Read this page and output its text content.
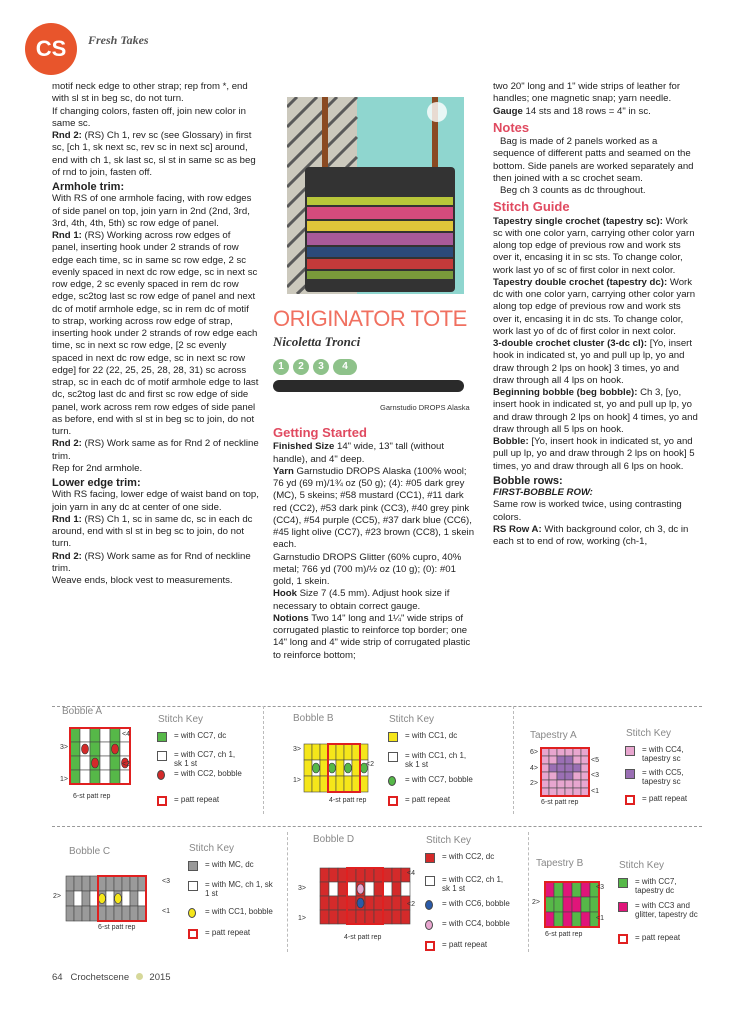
CS	Fresh Takes

motif neck edge to other strap; rep from *, end with sl st in beg sc, do not turn.

If changing colors, fasten off, join new color in same sc.

Rnd 2: (RS) Ch 1, rev sc (see Glossary) in first sc, [ch 1, sk next sc, rev sc in next sc] around, end with ch 1, sk last sc, sl st in same sc as beg of rnd to join, fasten off.

Armhole trim:

With RS of one armhole facing, with row edges of side panel on top, join yarn in 2nd (2nd, 3rd, 3rd, 4th, 4th, 5th) sc row edge of panel.

Rnd 1: (RS) Working across row edges of panel, inserting hook under 2 strands of row edge each time, sc in same sc row edge, 2 sc evenly spaced in next dc row edge, sc in next sc row edge, 2 sc evenly spaced in rem dc row edge, sc2tog last sc row edge of panel and next dc of motif armhole edge, sc in rem dc of motif to strap, working across row edge of strap, inserting hook under 2 strands of row edge each time, sc in next sc row edge, [2 sc evenly spaced in next dc row edge, sc in next sc row edge] for 22 (22, 25, 25, 28, 28, 31) sc across strap, sc in each dc of motif armhole edge to last dc, sc2tog last dc and first sc row edge of side panel, work across rem row edges of side panel as before, end with sl st in beg sc to join, do not turn.

Rnd 2: (RS) Work same as for Rnd 2 of neckline trim.

Rep for 2nd armhole.

Lower edge trim:

With RS facing, lower edge of waist band on top, join yarn in any dc at center of one side.

Rnd 1: (RS) Ch 1, sc in same dc, sc in each dc around, end with sl st in beg sc to join, do not turn.

Rnd 2: (RS) Work same as for Rnd of neckline trim.

Weave ends, block vest to measurements.

ORIGINATOR TOTE
Nicoletta Tronci
1	2	3	4
Garnstudio DROPS Alaska

Getting Started

Finished Size 14" wide, 13" tall (without handle), and 4" deep.

Yarn Garnstudio DROPS Alaska (100% wool; 76 yd (69 m)/1¾ oz (50 g); (4): #05 dark grey (MC), 5 skeins; #58 mustard (CC1), #11 dark red (CC2), #53 dark pink (CC3), #40 grey pink (CC4), #54 purple (CC5), #37 dark blue (CC6), #45 light olive (CC7), #23 brown (CC8), 1 skein each.

Garnstudio DROPS Glitter (60% cupro, 40% metal; 766 yd (700 m)/½ oz (10 g); (0): #01 gold, 1 skein.

Hook Size 7 (4.5 mm). Adjust hook size if necessary to obtain correct gauge.

Notions Two 14" long and 1¼" wide strips of corrugated plastic to reinforce top border; one 14" long and 4" wide strip of corrugated plastic to reinforce bottom;

two 20" long and 1" wide strips of leather for handles; one magnetic snap; yarn needle.

Gauge 14 sts and 18 rows = 4" in sc.

Notes

Bag is made of 2 panels worked as a sequence of different patts and seamed on the bottom. Side panels are worked separately and then joined with a sc crochet seam.

Beg ch 3 counts as dc throughout.

Stitch Guide

Tapestry single crochet (tapestry sc): Work sc with one color yarn, carrying other color yarn along top edge of previous row and work sts over it, encasing it in sc sts. To change color, work last yo of sc of first color in next color.

Tapestry double crochet (tapestry dc): Work dc with one color yarn, carrying other color yarn along top edge of previous row and work sts over it, encasing it in dc sts. To change color, work last yo of dc of first color in next color.

3-double crochet cluster (3-dc cl): [Yo, insert hook in indicated st, yo and pull up lp, yo and draw through 2 lps on hook] 3 times, yo and draw through all 4 lps on hook.

Beginning bobble (beg bobble): Ch 3, [yo, insert hook in indicated st, yo and pull up lp, yo and draw through 2 lps on hook] 4 times, yo and draw through all 5 lps on hook.

Bobble: [Yo, insert hook in indicated st, yo and pull up lp, yo and draw through 2 lps on hook] 5 times, yo and draw through all 6 lps on hook.

Bobble rows:

FIRST-BOBBLE ROW:

Same row is worked twice, using contrasting colors.

RS Row A: With background color, ch 3, dc in each st to end of row, working (ch-1,

Bobble A
3>
<4
<2
1>
6-st patt rep
Stitch Key
= with CC7, dc
= with CC7, ch 1, sk 1 st
= with CC2, bobble
= patt repeat
Bobble B
3>
<2
1>
4-st patt rep
Stitch Key
= with CC1, dc
= with CC1, ch 1, sk 1 st
= with CC7, bobble
= patt repeat
Tapestry A
6>
<5
4>
<3
2>
<1
6-st patt rep
Stitch Key
= with CC4, tapestry sc
= with CC5, tapestry sc
= patt repeat
Bobble C
<3
2>
<1
6-st patt rep
Stitch Key
= with MC, dc
= with MC, ch 1, sk 1 st
= with CC1, bobble
= patt repeat
Bobble D
<4
3>
<2
1>
4-st patt rep
Stitch Key
= with CC2, dc
= with CC2, ch 1, sk 1 st
= with CC6, bobble
= with CC4, bobble
= patt repeat
Tapestry B
<3
2>
<1
6-st patt rep
Stitch Key
= with CC7, tapestry dc
= with CC3 and glitter, tapestry dc
= patt repeat
64 Crochetscene 2015
